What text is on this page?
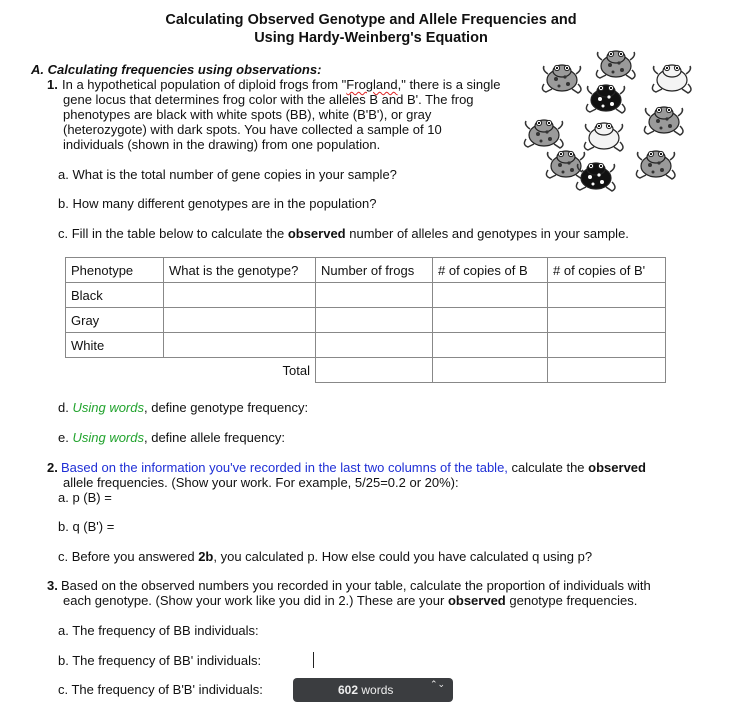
Calculating Observed Genotype and Allele Frequencies and
Using Hardy-Weinberg's Equation
A. Calculating frequencies using observations:
1. In a hypothetical population of diploid frogs from "Frogland," there is a single
gene locus that determines frog color with the alleles B and B'. The frog
phenotypes are black with white spots (BB), white (B'B'), or gray
(heterozygote) with dark spots. You have collected a sample of 10
individuals (shown in the drawing) from one population.
a. What is the total number of gene copies in your sample?
b. How many different genotypes are in the population?
c. Fill in the table below to calculate the observed number of alleles and genotypes in your sample.
Phenotype	What is the genotype?	Number of frogs	# of copies of B	# of copies of B'
Black				
Gray				
White				
	Total			
d. Using words, define genotype frequency:
e. Using words, define allele frequency:
2. Based on the information you've recorded in the last two columns of the table, calculate the observed
allele frequencies. (Show your work. For example, 5/25=0.2 or 20%):
a. p (B) =
b. q (B') =
c. Before you answered 2b, you calculated p. How else could you have calculated q using p?
3. Based on the observed numbers you recorded in your table, calculate the proportion of individuals with
each genotype. (Show your work like you did in 2.) These are your observed genotype frequencies.
a. The frequency of BB individuals:
b. The frequency of BB' individuals:
c. The frequency of B'B' individuals:	602 words	⌃⌄
